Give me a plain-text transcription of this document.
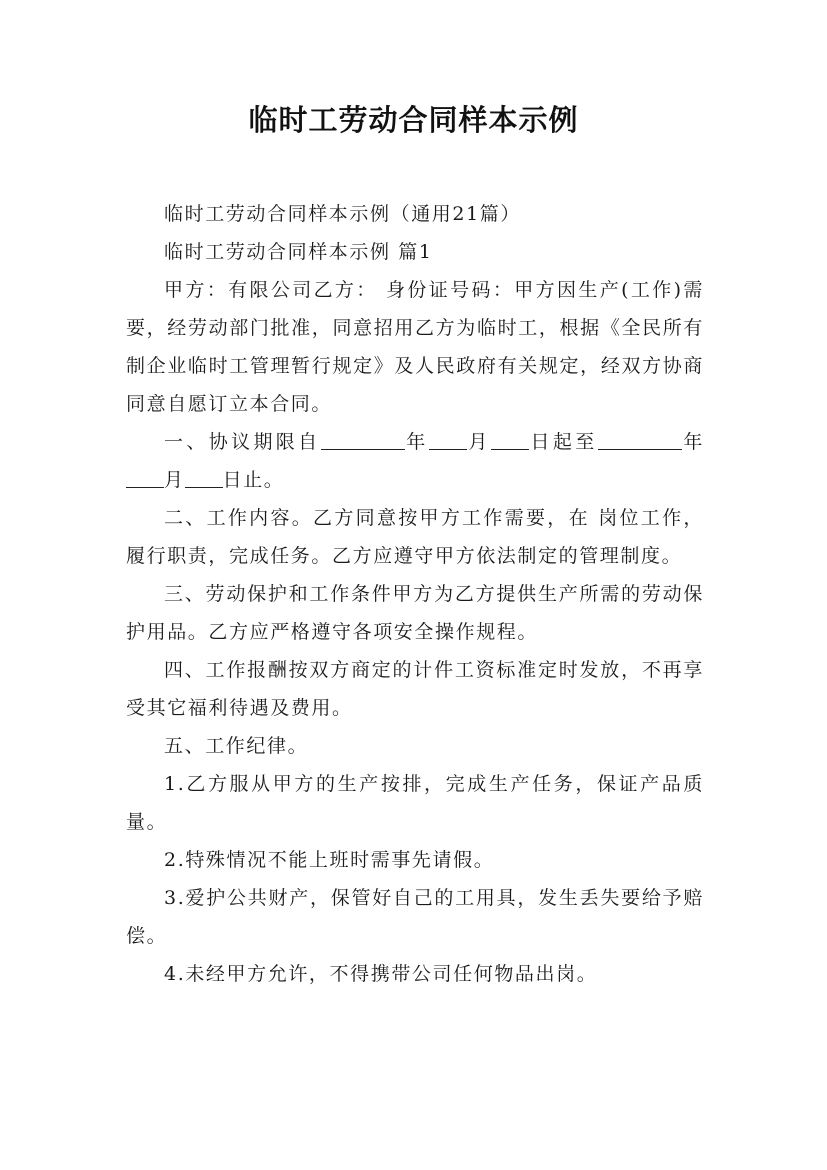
临时工劳动合同样本示例

临时工劳动合同样本示例（通用21篇）

临时工劳动合同样本示例 篇1

甲方：有限公司乙方： 身份证号码：甲方因生产(工作)需要，经劳动部门批准，同意招用乙方为临时工，根据《全民所有制企业临时工管理暂行规定》及人民政府有关规定，经双方协商同意自愿订立本合同。

一、协议期限自	年 月 日起至	年月 日止。

二、工作内容。乙方同意按甲方工作需要，在 岗位工作，履行职责，完成任务。乙方应遵守甲方依法制定的管理制度。

三、劳动保护和工作条件甲方为乙方提供生产所需的劳动保护用品。乙方应严格遵守各项安全操作规程。

四、工作报酬按双方商定的计件工资标准定时发放，不再享受其它福利待遇及费用。

五、工作纪律。

1.乙方服从甲方的生产按排，完成生产任务，保证产品质量。

2.特殊情况不能上班时需事先请假。

3.爱护公共财产，保管好自己的工用具，发生丢失要给予赔偿。

4.未经甲方允许，不得携带公司任何物品出岗。
